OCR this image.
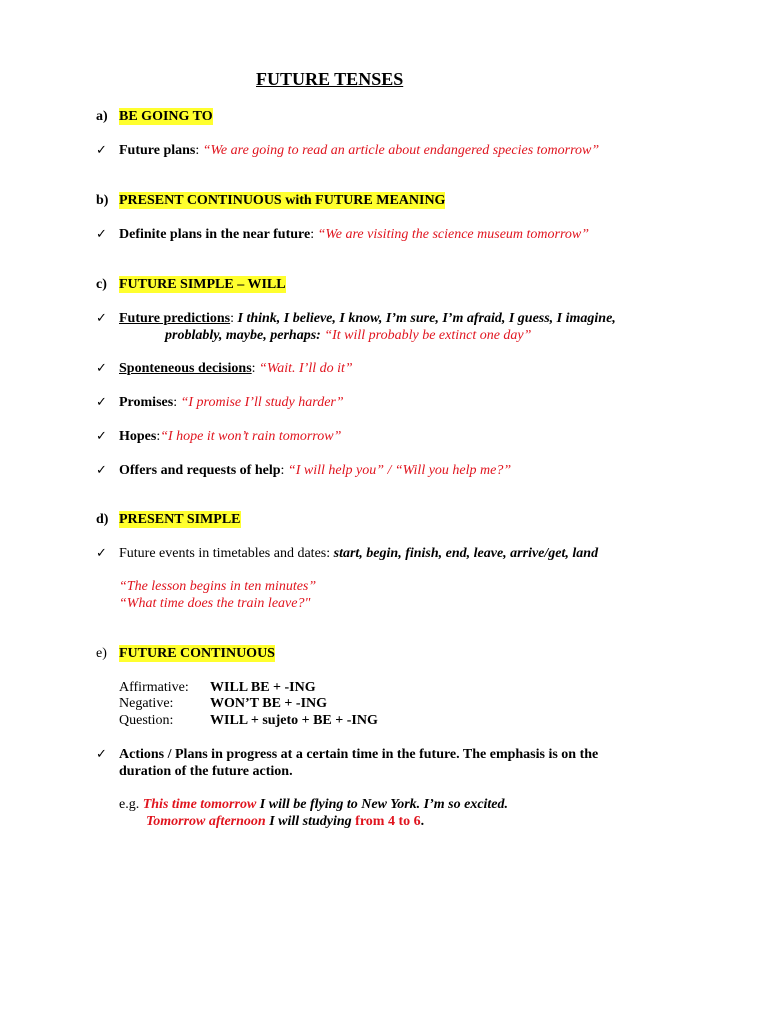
FUTURE TENSES
a) BE GOING TO
✓ Future plans: “We are going to read an article about endangered species tomorrow”
b) PRESENT CONTINUOUS with FUTURE MEANING
✓ Definite plans in the near future: “We are visiting the science museum tomorrow”
c) FUTURE SIMPLE – WILL
✓ Future predictions: I think, I believe, I know, I’m sure, I’m afraid, I guess, I imagine,
problably, maybe, perhaps: “It will probably be extinct one day”
✓ Sponteneous decisions: “Wait. I’ll do it”
✓ Promises: “I promise I’ll study harder”
✓ Hopes:“I hope it won’t rain tomorrow”
✓ Offers and requests of help: “I will help you” / “Will you help me?”
d) PRESENT SIMPLE
✓ Future events in timetables and dates: start, begin, finish, end, leave, arrive/get, land
“The lesson begins in ten minutes”
“What time does the train leave?"
e) FUTURE CONTINUOUS
Affirmative: WILL BE + -ING
Negative:	WON’T BE + -ING
Question:	WILL + sujeto + BE + -ING
✓ Actions / Plans in progress at a certain time in the future. The emphasis is on the
duration of the future action.
e.g. This time tomorrow I will be flying to New York. I’m so excited.
Tomorrow afternoon I will studying from 4 to 6.
